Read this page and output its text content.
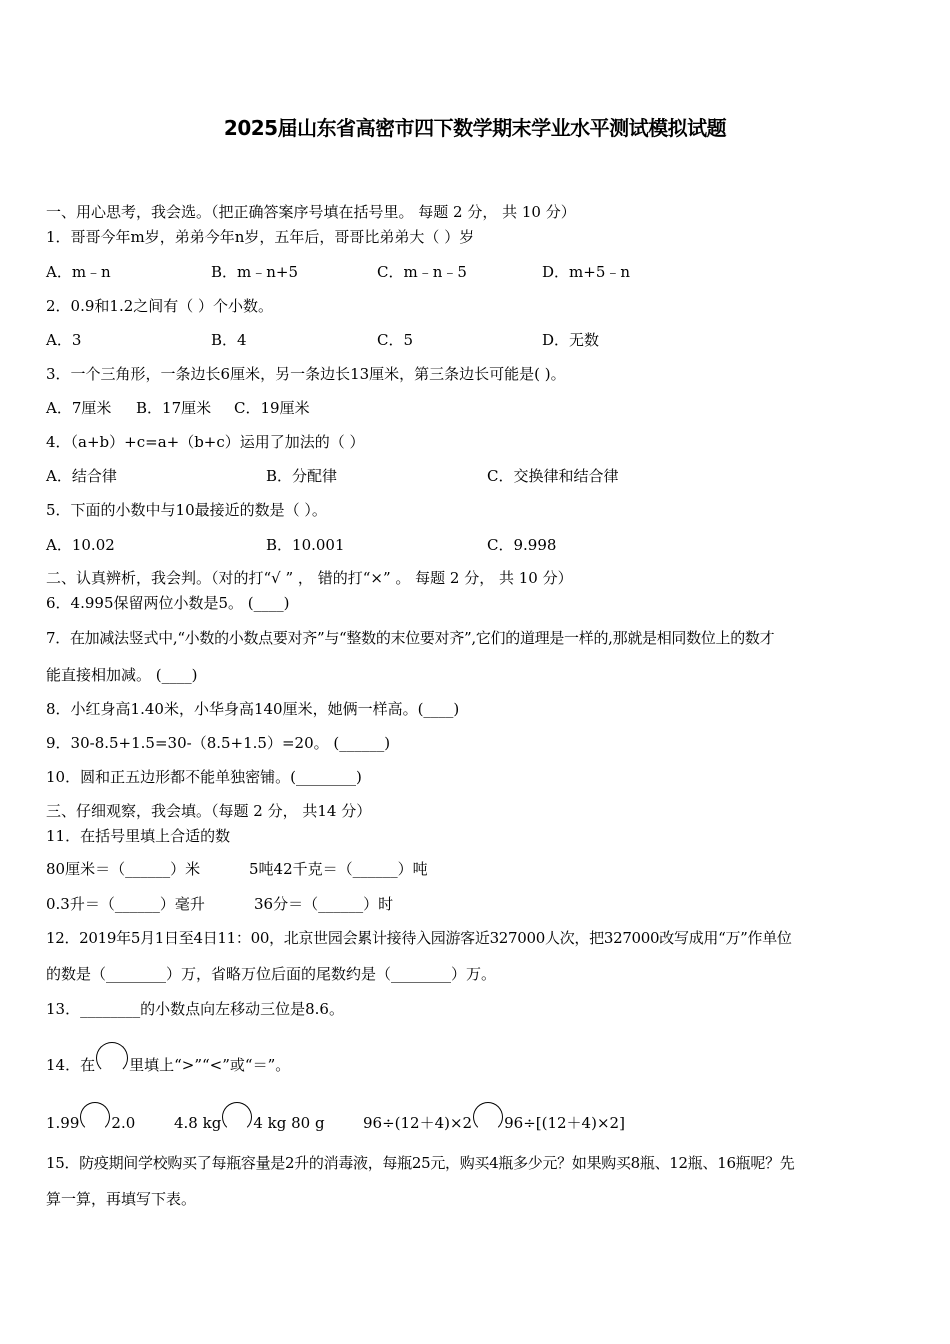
2025届山东省高密市四下数学期末学业水平测试模拟试题
一、用心思考，我会选。（把正确答案序号填在括号里。 每题 2 分， 共 10 分）
1．哥哥今年m岁，弟弟今年n岁，五年后，哥哥比弟弟大（ ）岁
A．m﹣n	B．m﹣n+5	C．m﹣n﹣5	D．m+5﹣n
2．0.9和1.2之间有（ ）个小数。
A．3	B．4	C．5	D．无数
3．一个三角形，一条边长6厘米，另一条边长13厘米，第三条边长可能是( )。
A．7厘米 B．17厘米 C．19厘米
4．（a+b）+c=a+（b+c）运用了加法的（ ）
A．结合律	B．分配律	C．交换律和结合律
5．下面的小数中与10最接近的数是（ ）。
A．10.02	B．10.001	C．9.998
二、认真辨析，我会判。（对的打“√ ” ， 错的打“×” 。 每题 2 分， 共 10 分）
6．4.995保留两位小数是5。 (____)
7．在加减法竖式中,“小数的小数点要对齐”与“整数的末位要对齐”,它们的道理是一样的,那就是相同数位上的数才
能直接相加减。 (____)
8．小红身高1.40米，小华身高140厘米，她俩一样高。(____)
9．30-8.5+1.5=30-（8.5+1.5）=20。 (______)
10．圆和正五边形都不能单独密铺。(________)
三、仔细观察，我会填。（每题 2 分， 共14 分）
11．在括号里填上合适的数
80厘米＝（______）米	5吨42千克＝（______）吨
0.3升＝（______）毫升	36分＝（______）时
12．2019年5月1日至4日11：00，北京世园会累计接待入园游客近327000人次，把327000改写成用“万”作单位
的数是（________）万，省略万位后面的尾数约是（________）万。
13．________的小数点向左移动三位是8.6。
14．在 里填上“>”“<”或“＝”。
1.99 2.0	4.8 kg 4 kg 80 g	96÷(12＋4)×2 96÷[(12＋4)×2]
15．防疫期间学校购买了每瓶容量是2升的消毒液，每瓶25元，购买4瓶多少元？如果购买8瓶、12瓶、16瓶呢？先
算一算，再填写下表。
